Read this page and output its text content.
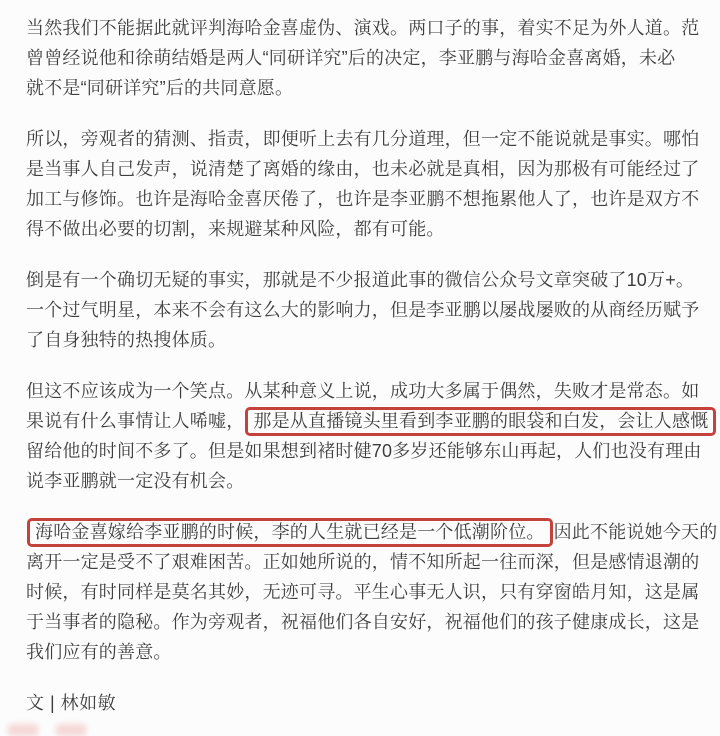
当然我们不能据此就评判海哈金喜虚伪、演戏。两口子的事，着实不足为外人道。范
曾曾经说他和徐萌结婚是两人“同研详究”后的决定，李亚鹏与海哈金喜离婚，未必
就不是“同研详究”后的共同意愿。

所以，旁观者的猜测、指责，即便听上去有几分道理，但一定不能说就是事实。哪怕
是当事人自己发声，说清楚了离婚的缘由，也未必就是真相，因为那极有可能经过了
加工与修饰。也许是海哈金喜厌倦了，也许是李亚鹏不想拖累他人了，也许是双方不
得不做出必要的切割，来规避某种风险，都有可能。

倒是有一个确切无疑的事实，那就是不少报道此事的微信公众号文章突破了10万+。
一个过气明星，本来不会有这么大的影响力，但是李亚鹏以屡战屡败的从商经历赋予
了自身独特的热搜体质。

但这不应该成为一个笑点。从某种意义上说，成功大多属于偶然，失败才是常态。如
果说有什么事情让人唏嘘， 那是从直播镜头里看到李亚鹏的眼袋和白发，会让人感慨
留给他的时间不多了。但是如果想到褚时健70多岁还能够东山再起，人们也没有理由
说李亚鹏就一定没有机会。

海哈金喜嫁给李亚鹏的时候，李的人生就已经是一个低潮阶位。 因此不能说她今天的
离开一定是受不了艰难困苦。正如她所说的，情不知所起一往而深，但是感情退潮的
时候，有时同样是莫名其妙，无迹可寻。平生心事无人识，只有穿窗皓月知，这是属
于当事者的隐秘。作为旁观者，祝福他们各自安好，祝福他们的孩子健康成长，这是
我们应有的善意。

文 | 林如敏
